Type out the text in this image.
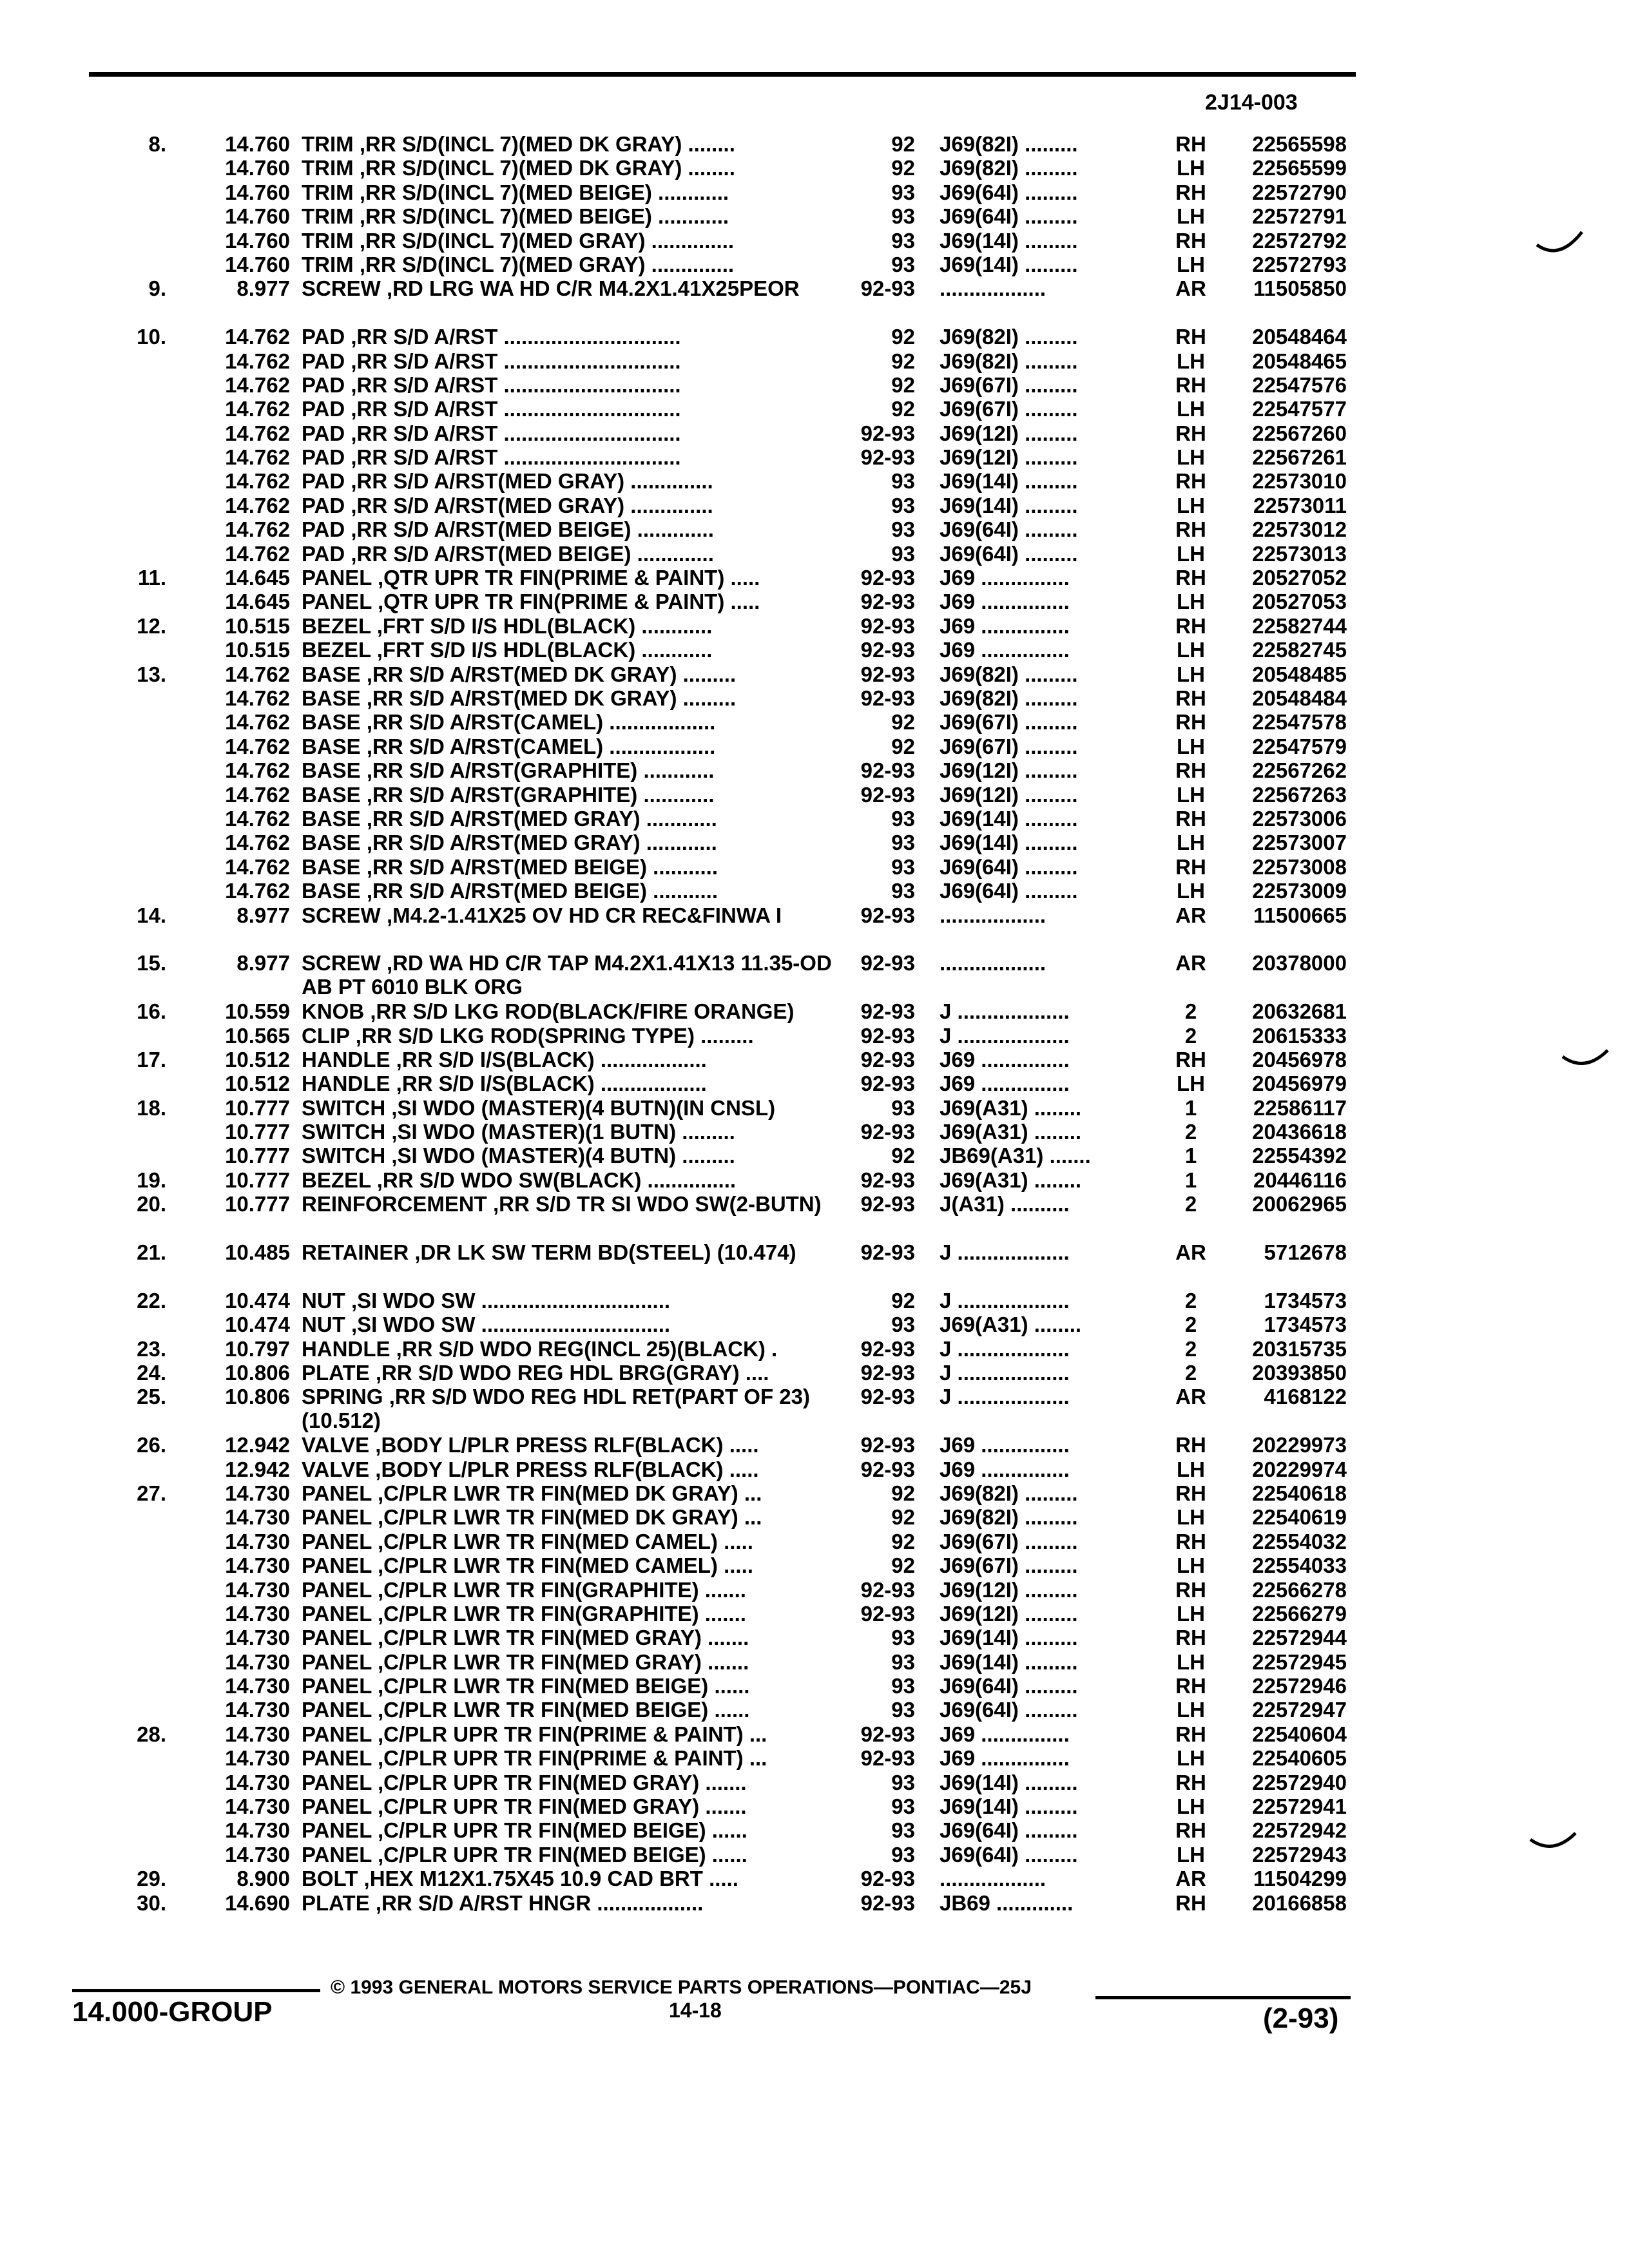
2J14-003
8.	14.760 TRIM ,RR S/D(INCL 7)(MED DK GRAY) ........	92 J69(82I) .........	RH	22565598
14.760 TRIM ,RR S/D(INCL 7)(MED DK GRAY) ........	92 J69(82I) .........	LH	22565599
14.760 TRIM ,RR S/D(INCL 7)(MED BEIGE) ............	93 J69(64I) .........	RH	22572790
14.760 TRIM ,RR S/D(INCL 7)(MED BEIGE) ............	93 J69(64I) .........	LH	22572791
14.760 TRIM ,RR S/D(INCL 7)(MED GRAY) ..............	93 J69(14I) .........	RH	22572792
14.760 TRIM ,RR S/D(INCL 7)(MED GRAY) ..............	93 J69(14I) .........	LH	22572793
9.	8.977 SCREW ,RD LRG WA HD C/R M4.2X1.41X25PEOR	92-93 ..................	AR	11505850
10.	14.762 PAD ,RR S/D A/RST ..............................	92 J69(82I) .........	RH	20548464
14.762 PAD ,RR S/D A/RST ..............................	92 J69(82I) .........	LH	20548465
14.762 PAD ,RR S/D A/RST ..............................	92 J69(67I) .........	RH	22547576
14.762 PAD ,RR S/D A/RST ..............................	92 J69(67I) .........	LH	22547577
14.762 PAD ,RR S/D A/RST ..............................	92-93 J69(12I) .........	RH	22567260
14.762 PAD ,RR S/D A/RST ..............................	92-93 J69(12I) .........	LH	22567261
14.762 PAD ,RR S/D A/RST(MED GRAY) ..............	93 J69(14I) .........	RH	22573010
14.762 PAD ,RR S/D A/RST(MED GRAY) ..............	93 J69(14I) .........	LH	22573011
14.762 PAD ,RR S/D A/RST(MED BEIGE) .............	93 J69(64I) .........	RH	22573012
14.762 PAD ,RR S/D A/RST(MED BEIGE) .............	93 J69(64I) .........	LH	22573013
11.	14.645 PANEL ,QTR UPR TR FIN(PRIME & PAINT) .....	92-93 J69 ...............	RH	20527052
14.645 PANEL ,QTR UPR TR FIN(PRIME & PAINT) .....	92-93 J69 ...............	LH	20527053
12.	10.515 BEZEL ,FRT S/D I/S HDL(BLACK) ............	92-93 J69 ...............	RH	22582744
10.515 BEZEL ,FRT S/D I/S HDL(BLACK) ............	92-93 J69 ...............	LH	22582745
13.	14.762 BASE ,RR S/D A/RST(MED DK GRAY) .........	92-93 J69(82I) .........	LH	20548485
14.762 BASE ,RR S/D A/RST(MED DK GRAY) .........	92-93 J69(82I) .........	RH	20548484
14.762 BASE ,RR S/D A/RST(CAMEL) ..................	92 J69(67I) .........	RH	22547578
14.762 BASE ,RR S/D A/RST(CAMEL) ..................	92 J69(67I) .........	LH	22547579
14.762 BASE ,RR S/D A/RST(GRAPHITE) ............	92-93 J69(12I) .........	RH	22567262
14.762 BASE ,RR S/D A/RST(GRAPHITE) ............	92-93 J69(12I) .........	LH	22567263
14.762 BASE ,RR S/D A/RST(MED GRAY) ............	93 J69(14I) .........	RH	22573006
14.762 BASE ,RR S/D A/RST(MED GRAY) ............	93 J69(14I) .........	LH	22573007
14.762 BASE ,RR S/D A/RST(MED BEIGE) ...........	93 J69(64I) .........	RH	22573008
14.762 BASE ,RR S/D A/RST(MED BEIGE) ...........	93 J69(64I) .........	LH	22573009
14.	8.977 SCREW ,M4.2-1.41X25 OV HD CR REC&FINWA I	92-93 ..................	AR	11500665
15.	8.977 SCREW ,RD WA HD C/R TAP M4.2X1.41X13 11.35-OD AB PT 6010 BLK ORG
92-93 ..................	AR	20378000
16.	10.559 KNOB ,RR S/D LKG ROD(BLACK/FIRE ORANGE)	92-93 J ...................	2	20632681
10.565 CLIP ,RR S/D LKG ROD(SPRING TYPE) .........	92-93 J ...................	2	20615333
17.	10.512 HANDLE ,RR S/D I/S(BLACK) ..................	92-93 J69 ...............	RH	20456978
10.512 HANDLE ,RR S/D I/S(BLACK) ..................	92-93 J69 ...............	LH	20456979
18.	10.777 SWITCH ,SI WDO (MASTER)(4 BUTN)(IN CNSL)	93 J69(A31) ........	1	22586117
10.777 SWITCH ,SI WDO (MASTER)(1 BUTN) .........	92-93 J69(A31) ........	2	20436618
10.777 SWITCH ,SI WDO (MASTER)(4 BUTN) .........	92 JB69(A31) .......	1	22554392
19.	10.777 BEZEL ,RR S/D WDO SW(BLACK) ...............	92-93 J69(A31) ........	1	20446116
20.	10.777 REINFORCEMENT ,RR S/D TR SI WDO SW(2-BUTN)	92-93 J(A31) ..........	2	20062965
21.	10.485 RETAINER ,DR LK SW TERM BD(STEEL) (10.474)	92-93 J ...................	AR	5712678
22.	10.474 NUT ,SI WDO SW ................................	92 J ...................	2	1734573
10.474 NUT ,SI WDO SW ................................	93 J69(A31) ........	2	1734573
23.	10.797 HANDLE ,RR S/D WDO REG(INCL 25)(BLACK) .	92-93 J ...................	2	20315735
24.	10.806 PLATE ,RR S/D WDO REG HDL BRG(GRAY) ....	92-93 J ...................	2	20393850
25.	10.806 SPRING ,RR S/D WDO REG HDL RET(PART OF 23)(10.512)
92-93 J ...................	AR	4168122
26.	12.942 VALVE ,BODY L/PLR PRESS RLF(BLACK) .....	92-93 J69 ...............	RH	20229973
12.942 VALVE ,BODY L/PLR PRESS RLF(BLACK) .....	92-93 J69 ...............	LH	20229974
27.	14.730 PANEL ,C/PLR LWR TR FIN(MED DK GRAY) ...	92 J69(82I) .........	RH	22540618
14.730 PANEL ,C/PLR LWR TR FIN(MED DK GRAY) ...	92 J69(82I) .........	LH	22540619
14.730 PANEL ,C/PLR LWR TR FIN(MED CAMEL) .....	92 J69(67I) .........	RH	22554032
14.730 PANEL ,C/PLR LWR TR FIN(MED CAMEL) .....	92 J69(67I) .........	LH	22554033
14.730 PANEL ,C/PLR LWR TR FIN(GRAPHITE) .......	92-93 J69(12I) .........	RH	22566278
14.730 PANEL ,C/PLR LWR TR FIN(GRAPHITE) .......	92-93 J69(12I) .........	LH	22566279
14.730 PANEL ,C/PLR LWR TR FIN(MED GRAY) .......	93 J69(14I) .........	RH	22572944
14.730 PANEL ,C/PLR LWR TR FIN(MED GRAY) .......	93 J69(14I) .........	LH	22572945
14.730 PANEL ,C/PLR LWR TR FIN(MED BEIGE) ......	93 J69(64I) .........	RH	22572946
14.730 PANEL ,C/PLR LWR TR FIN(MED BEIGE) ......	93 J69(64I) .........	LH	22572947
28.	14.730 PANEL ,C/PLR UPR TR FIN(PRIME & PAINT) ...	92-93 J69 ...............	RH	22540604
14.730 PANEL ,C/PLR UPR TR FIN(PRIME & PAINT) ...	92-93 J69 ...............	LH	22540605
14.730 PANEL ,C/PLR UPR TR FIN(MED GRAY) .......	93 J69(14I) .........	RH	22572940
14.730 PANEL ,C/PLR UPR TR FIN(MED GRAY) .......	93 J69(14I) .........	LH	22572941
14.730 PANEL ,C/PLR UPR TR FIN(MED BEIGE) ......	93 J69(64I) .........	RH	22572942
14.730 PANEL ,C/PLR UPR TR FIN(MED BEIGE) ......	93 J69(64I) .........	LH	22572943
29.	8.900 BOLT ,HEX M12X1.75X45 10.9 CAD BRT .....	92-93 ..................	AR	11504299
30.	14.690 PLATE ,RR S/D A/RST HNGR ..................	92-93 JB69 .............	RH	20166858
© 1993 GENERAL MOTORS SERVICE PARTS OPERATIONS—PONTIAC—25J
14.000-GROUP	14-18	(2-93)
